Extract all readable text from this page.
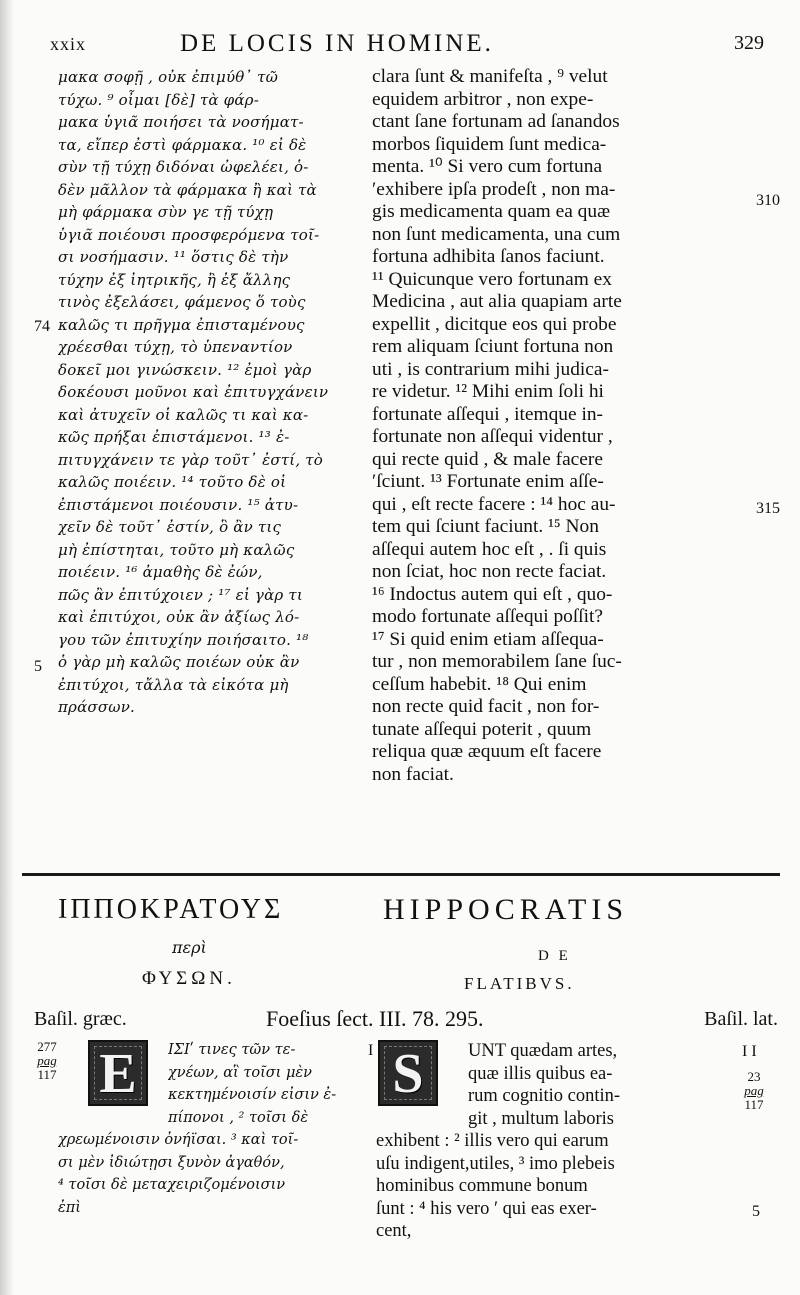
xxix	DE LOCIS IN HOMINE.	329
μακα σοφῇ , οὐκ ἐπιμύθ᾽ τῶ
τύχω. ⁹ οἶμαι [δὲ] τὰ φάρ-
μακα ὑγιᾶ ποιήσει τὰ νοσήματ-
τα, εἴπερ ἐστὶ φάρμακα. ¹⁰ εἰ δὲ
σὺν τῇ τύχῃ διδόναι ὠφελέει, ὁ-
δὲν μᾶλλον τὰ φάρμακα ἢ καὶ τὰ
μὴ φάρμακα σὺν γε τῇ τύχῃ
ὑγιᾶ ποιέουσι προσφερόμενα τοῖ-
σι νοσήμασιν. ¹¹ ὅστις δὲ τὴν
τύχην ἐξ ἰητρικῆς, ἢ ἐξ ἄλλης
τινὸς ἐξελάσει, φάμενος ὅ τοὺς
καλῶς τι πρῆγμα ἐπισταμένους
χρέεσθαι τύχῃ, τὸ ὑπεναντίον
δοκεῖ μοι γινώσκειν. ¹² ἐμοὶ γὰρ
δοκέουσι μοῦνοι καὶ ἐπιτυγχάνειν
καὶ ἀτυχεῖν οἱ καλῶς τι καὶ κα-
κῶς πρήξαι ἐπιστάμενοι. ¹³ ἐ-
πιτυγχάνειν τε γὰρ τοῦτ᾽ ἐστί, τὸ
καλῶς ποιέειν. ¹⁴ τοῦτο δὲ οἱ
ἐπιστάμενοι ποιέουσιν. ¹⁵ ἀτυ-
χεῖν δὲ τοῦτ᾽ ἐστίν, ὃ ἂν τις
μὴ ἐπίστηται, τοῦτο μὴ καλῶς
ποιέειν. ¹⁶ ἀμαθὴς δὲ ἐών,
πῶς ἂν ἐπιτύχοιεν ; ¹⁷ εἰ γὰρ τι
καὶ ἐπιτύχοι, οὐκ ἂν ἀξίως λό-
γου τῶν ἐπιτυχίην ποιήσαιτο. ¹⁸
ὁ γὰρ μὴ καλῶς ποιέων οὐκ ἂν
ἐπιτύχοι, τἄλλα τὰ εἰκότα μὴ
πράσσων.
clara ſunt & manifeſta , ⁹ velut
equidem arbitror , non expe-
ctant ſane fortunam ad ſanandos
morbos ſiquidem ſunt medica-
menta. ¹⁰ Si vero cum fortuna
ʹexhibere ipſa prodeſt , non ma-
gis medicamenta quam ea quæ
non ſunt medicamenta, una cum
fortuna adhibita ſanos faciunt.
¹¹ Quicunque vero fortunam ex
Medicina , aut alia quapiam arte
expellit , dicitque eos qui probe
rem aliquam ſciunt fortuna non
uti , is contrarium mihi judica-
re videtur. ¹² Mihi enim ſoli hi
fortunate aſſequi , itemque in-
fortunate non aſſequi videntur ,
qui recte quid , & male facere
ʹſciunt. ¹³ Fortunate enim aſſe-
qui , eſt recte facere : ¹⁴ hoc au-
tem qui ſciunt faciunt. ¹⁵ Non
aſſequi autem hoc eſt , . ſi quis
non ſciat, hoc non recte faciat.
¹⁶ Indoctus autem qui eſt , quo-
modo fortunate aſſequi poſſit?
¹⁷ Si quid enim etiam aſſequa-
tur , non memorabilem ſane ſuc-
ceſſum habebit. ¹⁸ Qui enim
non recte quid facit , non for-
tunate aſſequi poterit , quum
reliqua quæ æquum eſt facere
non faciat.
74
5
310
315
ΙΠΠΟΚΡΑΤΟΥΣ	HIPPOCRATIS
περὶ	D E
ΦΥΣΩΝ.	FLATIBVS.
Baſil. græc.	Foeſius ſect. III. 78. 295.	Baſil. lat.
277
pag
117 E	ΙΣΙʹ τινες τῶν τε-
χνέων, αἳ τοῖσι μὲν
κεκτημένοισίν εἰσιν ἐ-
πίπονοι , ² τοῖσι δὲ
χρεωμένοισιν ὀνήϊσαι. ³ καὶ τοῖ-
σι μὲν ἰδιώτῃσι ξυνὸν ἀγαθόν,
⁴ τοῖσι δὲ μεταχειριζομένοισιν
ἐπὶ
I S	UNT quædam artes,
quæ illis quibus ea-
rum cognitio contin-
git , multum laboris
exhibent : ² illis vero qui earum
uſu indigent,utiles, ³ imo plebeis
hominibus commune bonum
ſunt : ⁴ his vero ʹ qui eas exer-
cent,
I I
23
pag
117
5
